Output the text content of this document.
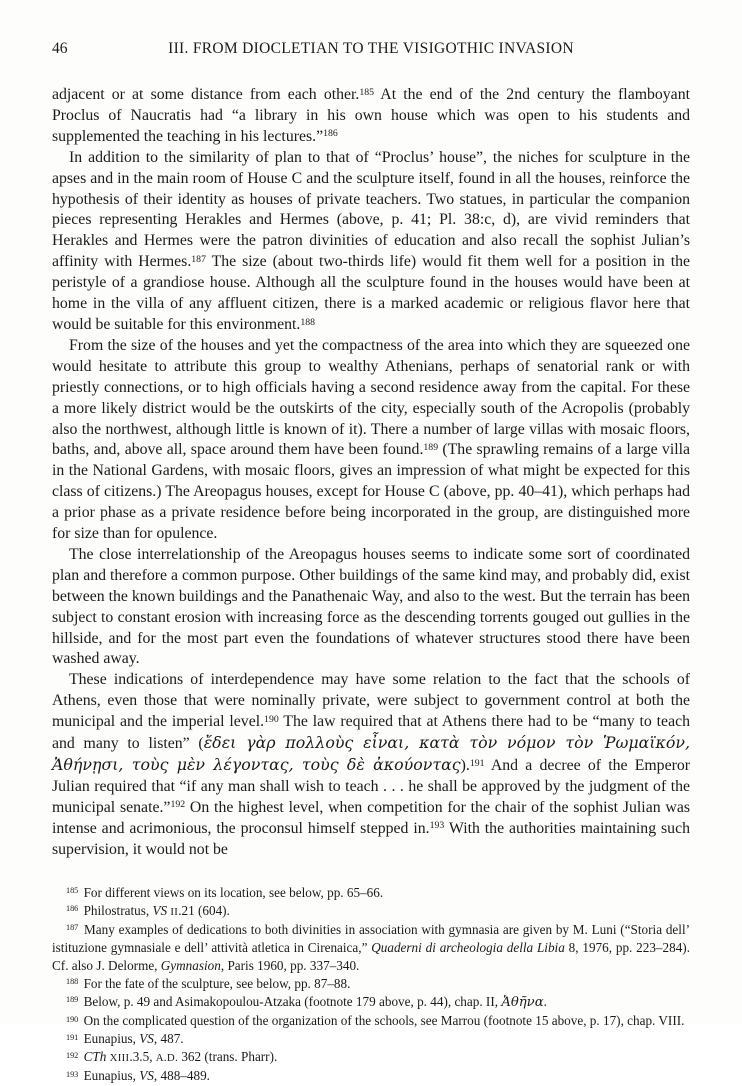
46	III. FROM DIOCLETIAN TO THE VISIGOTHIC INVASION

adjacent or at some distance from each other.$^{185}$ At the end of the 2nd century the flamboyant Proclus of Naucratis had “a library in his own house which was open to his students and supplemented the teaching in his lectures.”$^{186}$

In addition to the similarity of plan to that of “Proclus’ house”, the niches for sculpture in the apses and in the main room of House C and the sculpture itself, found in all the houses, reinforce the hypothesis of their identity as houses of private teachers. Two statues, in particular the companion pieces representing Herakles and Hermes (above, p. 41; Pl. 38:c, d), are vivid reminders that Herakles and Hermes were the patron divinities of education and also recall the sophist Julian’s affinity with Hermes.$^{187}$ The size (about two-thirds life) would fit them well for a position in the peristyle of a grandiose house. Although all the sculpture found in the houses would have been at home in the villa of any affluent citizen, there is a marked academic or religious flavor here that would be suitable for this environment.$^{188}$

From the size of the houses and yet the compactness of the area into which they are squeezed one would hesitate to attribute this group to wealthy Athenians, perhaps of senatorial rank or with priestly connections, or to high officials having a second residence away from the capital. For these a more likely district would be the outskirts of the city, especially south of the Acropolis (probably also the northwest, although little is known of it). There a number of large villas with mosaic floors, baths, and, above all, space around them have been found.$^{189}$ (The sprawling remains of a large villa in the National Gardens, with mosaic floors, gives an impression of what might be expected for this class of citizens.) The Areopagus houses, except for House C (above, pp. 40–41), which perhaps had a prior phase as a private residence before being incorporated in the group, are distinguished more for size than for opulence.

The close interrelationship of the Areopagus houses seems to indicate some sort of coordinated plan and therefore a common purpose. Other buildings of the same kind may, and probably did, exist between the known buildings and the Panathenaic Way, and also to the west. But the terrain has been subject to constant erosion with increasing force as the descending torrents gouged out gullies in the hillside, and for the most part even the foundations of whatever structures stood there have been washed away.

These indications of interdependence may have some relation to the fact that the schools of Athens, even those that were nominally private, were subject to government control at both the municipal and the imperial level.$^{190}$ The law required that at Athens there had to be “many to teach and many to listen” (ἔδει γὰρ πολλοὺς εἶναι, κατὰ τὸν νόμον τὸν Ῥωμαϊκόν, Ἀθήνῃσι, τοὺς μὲν λέγοντας, τοὺς δὲ ἀκούοντας).$^{191}$ And a decree of the Emperor Julian required that “if any man shall wish to teach . . . he shall be approved by the judgment of the municipal senate.”$^{192}$ On the highest level, when competition for the chair of the sophist Julian was intense and acrimonious, the proconsul himself stepped in.$^{193}$ With the authorities maintaining such supervision, it would not be

$^{185}$ For different views on its location, see below, pp. 65–66.

$^{186}$ Philostratus, VS II.21 (604).

$^{187}$ Many examples of dedications to both divinities in association with gymnasia are given by M. Luni (“Storia dell’ istituzione gymnasiale e dell’ attività atletica in Cirenaica,” Quaderni di archeologia della Libia 8, 1976, pp. 223–284). Cf. also J. Delorme, Gymnasion, Paris 1960, pp. 337–340.

$^{188}$ For the fate of the sculpture, see below, pp. 87–88.

$^{189}$ Below, p. 49 and Asimakopoulou-Atzaka (footnote 179 above, p. 44), chap. II, Ἀθῆνα.

$^{190}$ On the complicated question of the organization of the schools, see Marrou (footnote 15 above, p. 17), chap. VIII.

$^{191}$ Eunapius, VS, 487.

$^{192}$ CTh XIII.3.5, A.D. 362 (trans. Pharr).

$^{193}$ Eunapius, VS, 488–489.
